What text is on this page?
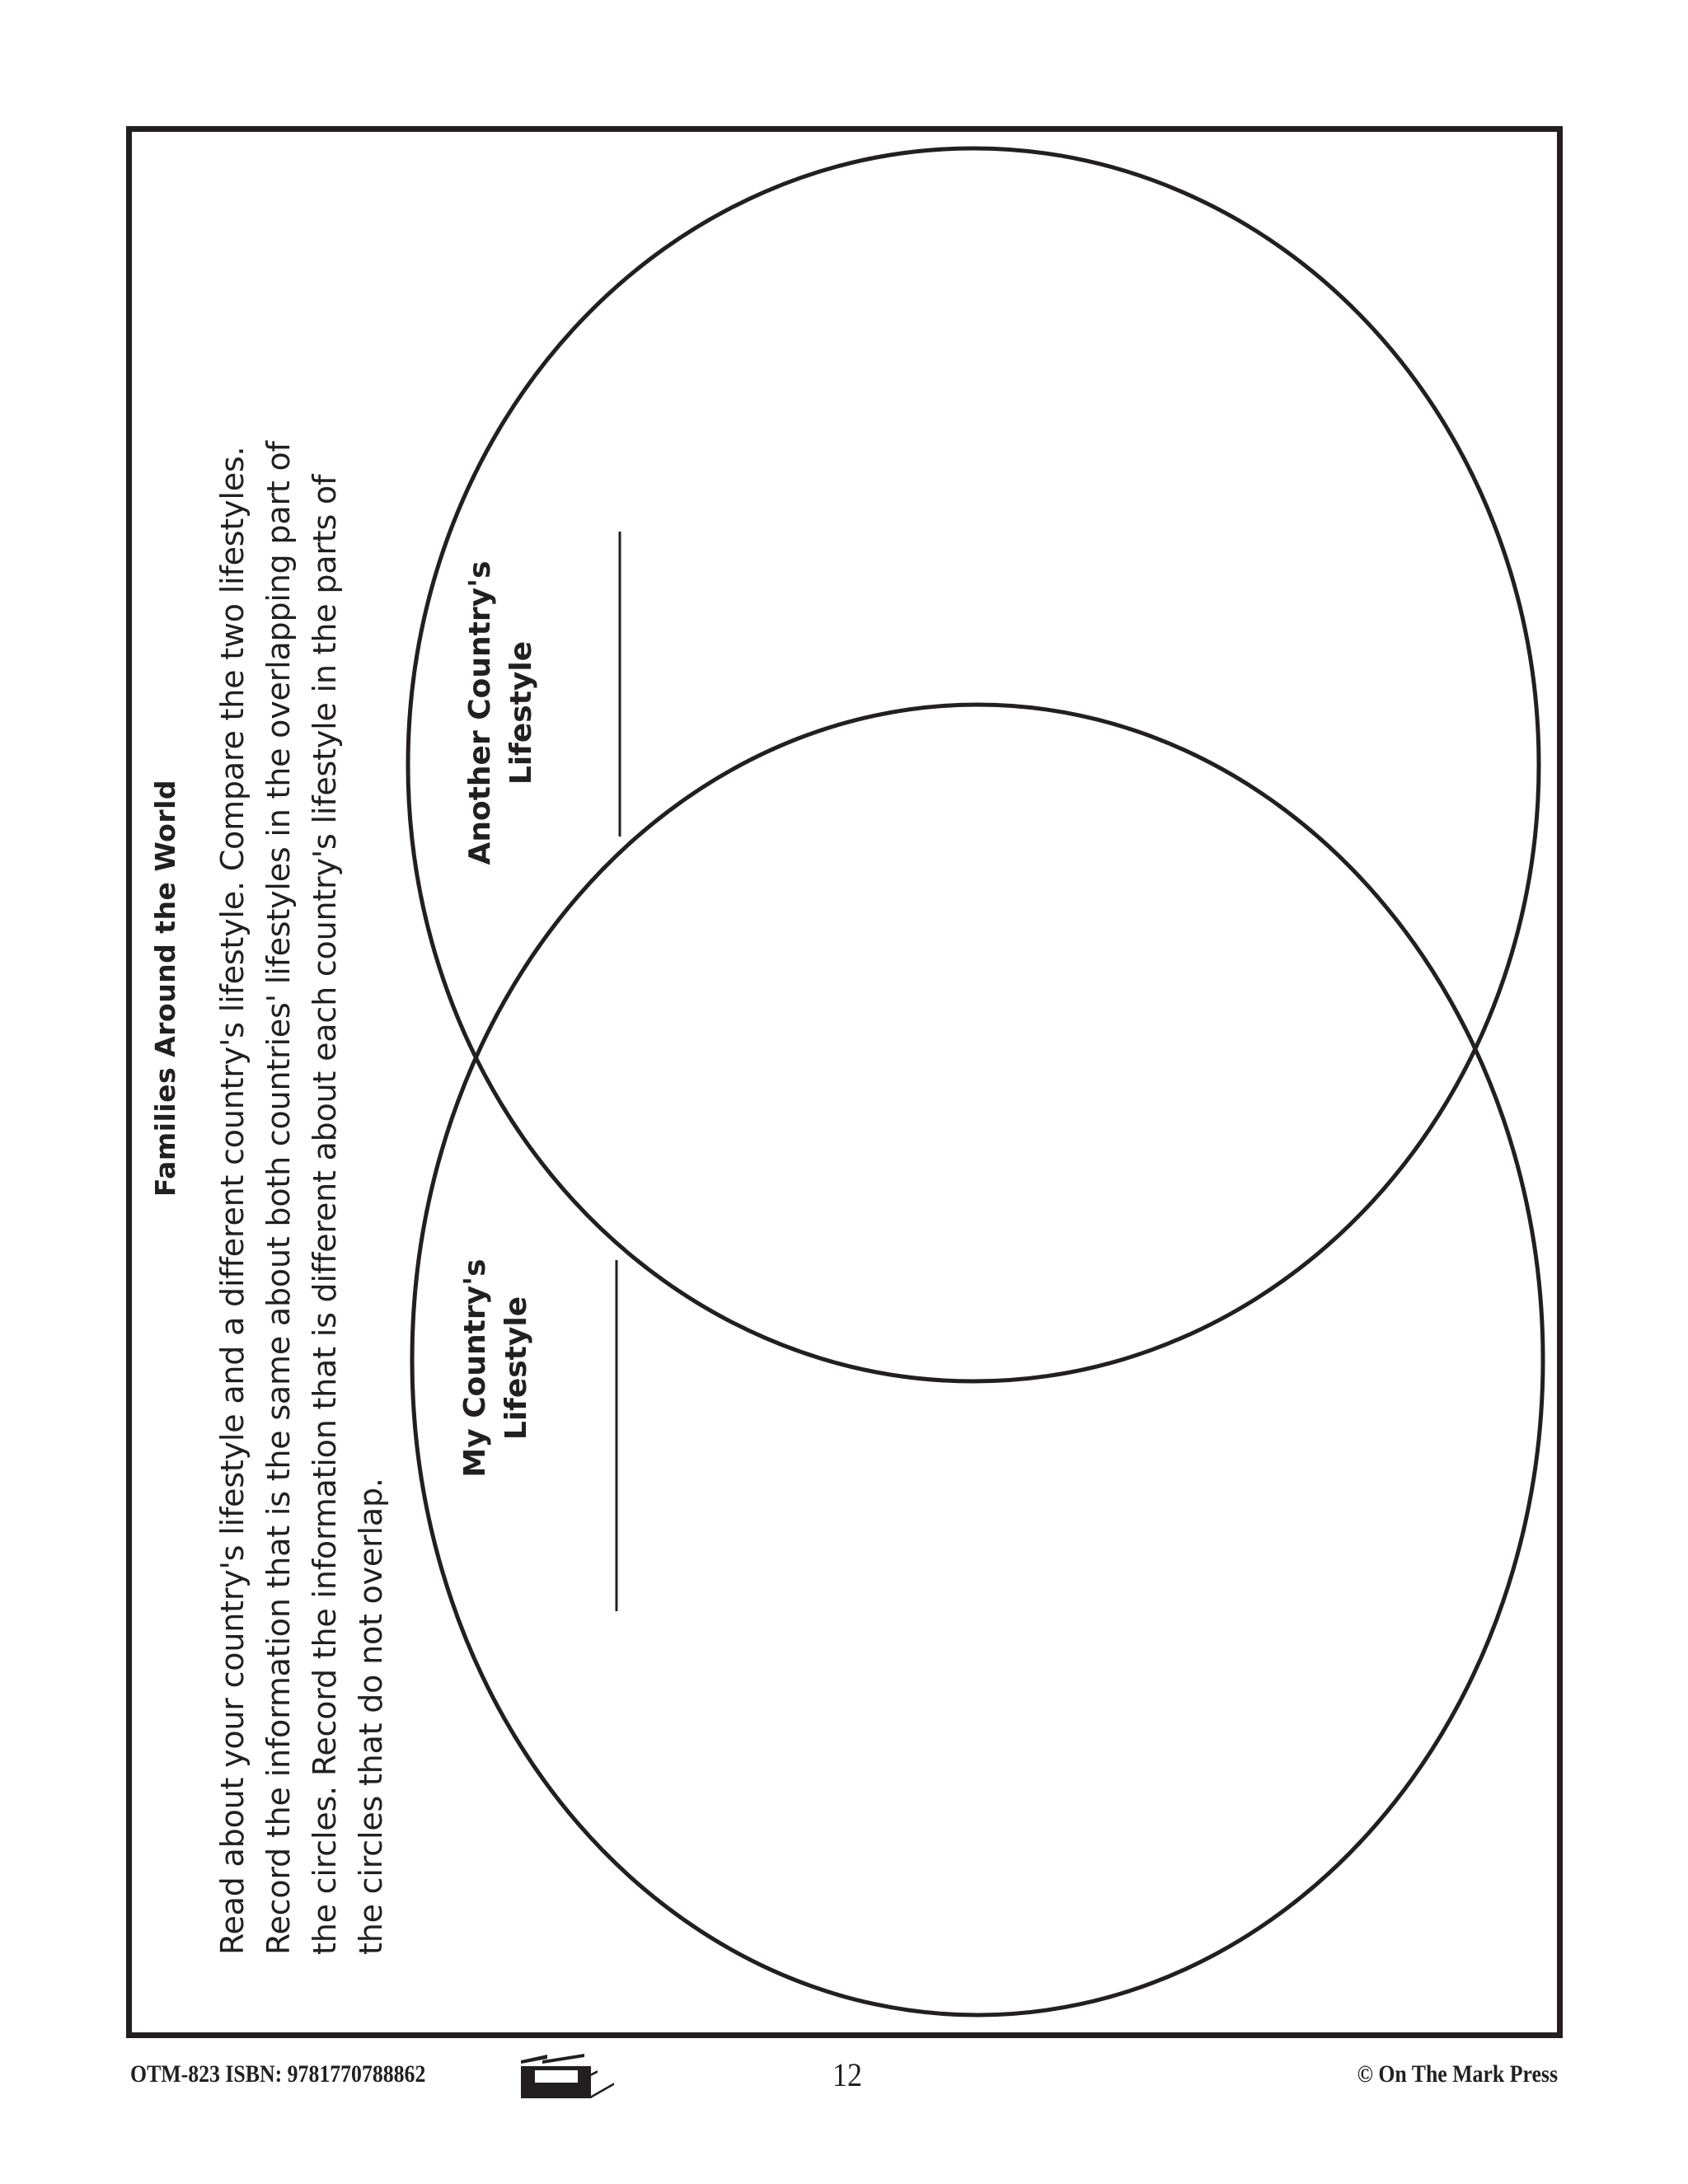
Families Around the World Read about your country's lifestyle and a different country's lifestyle. Compare the two lifestyles. Record the information that is the same about both countries' lifestyles in the overlapping part of the circles. Record the information that is different about each country's lifestyle in the parts of the circles that do not overlap.
Another Country's Lifestyle
My Country's Lifestyle
OTM-823 ISBN: 9781770788862	12	© On The Mark Press
